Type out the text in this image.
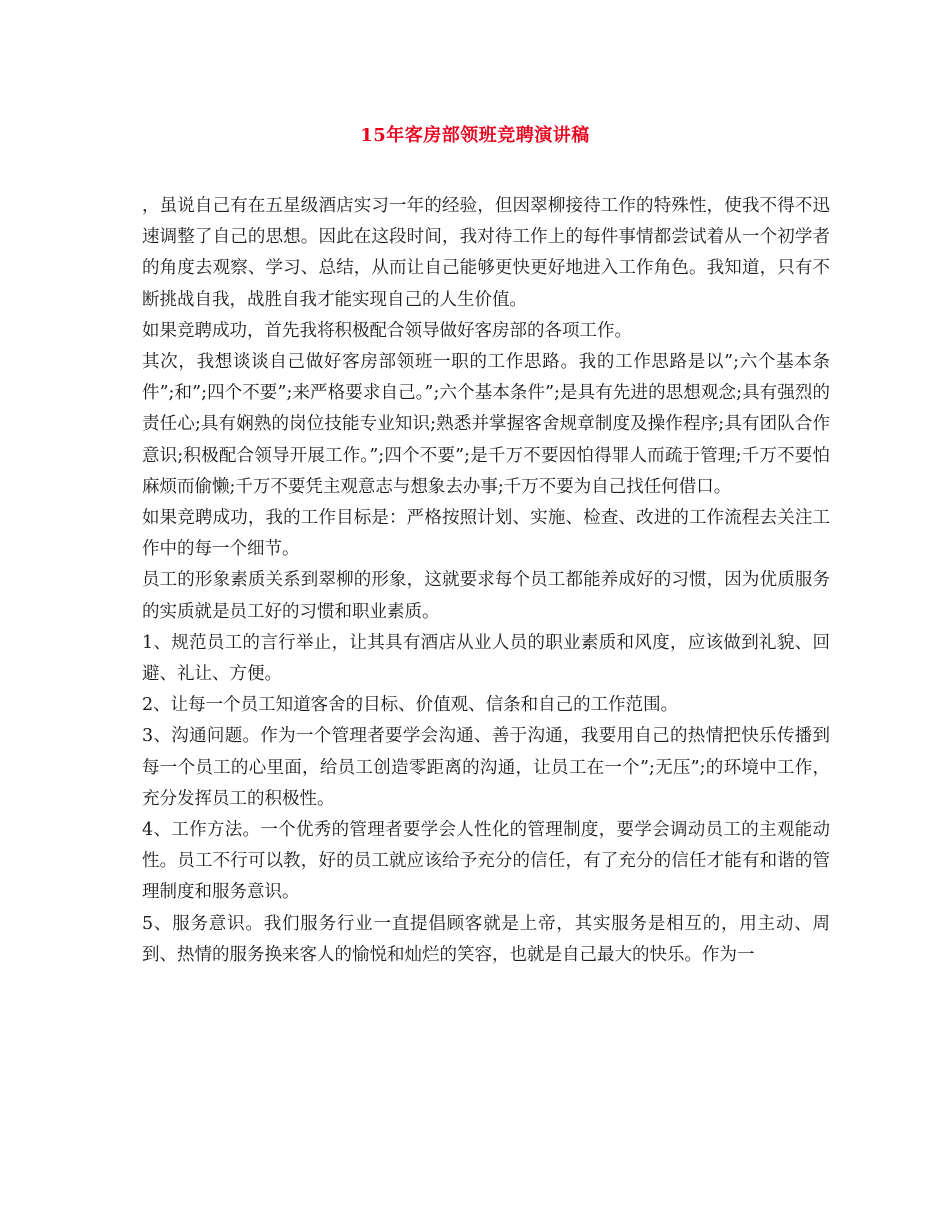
15年客房部领班竞聘演讲稿

，虽说自己有在五星级酒店实习一年的经验，但因翠柳接待工作的特殊性，使我不得不迅速调整了自己的思想。因此在这段时间，我对待工作上的每件事情都尝试着从一个初学者的角度去观察、学习、总结，从而让自己能够更快更好地进入工作角色。我知道，只有不断挑战自我，战胜自我才能实现自己的人生价值。

如果竞聘成功，首先我将积极配合领导做好客房部的各项工作。

其次，我想谈谈自己做好客房部领班一职的工作思路。我的工作思路是以”;六个基本条件”;和”;四个不要”;来严格要求自己。”;六个基本条件”;是具有先进的思想观念;具有强烈的责任心;具有娴熟的岗位技能专业知识;熟悉并掌握客舍规章制度及操作程序;具有团队合作意识;积极配合领导开展工作。”;四个不要”;是千万不要因怕得罪人而疏于管理;千万不要怕麻烦而偷懒;千万不要凭主观意志与想象去办事;千万不要为自己找任何借口。

如果竞聘成功，我的工作目标是：严格按照计划、实施、检查、改进的工作流程去关注工作中的每一个细节。

员工的形象素质关系到翠柳的形象，这就要求每个员工都能养成好的习惯，因为优质服务的实质就是员工好的习惯和职业素质。

1、规范员工的言行举止，让其具有酒店从业人员的职业素质和风度，应该做到礼貌、回避、礼让、方便。

2、让每一个员工知道客舍的目标、价值观、信条和自己的工作范围。

3、沟通问题。作为一个管理者要学会沟通、善于沟通，我要用自己的热情把快乐传播到每一个员工的心里面，给员工创造零距离的沟通，让员工在一个”;无压”;的环境中工作，充分发挥员工的积极性。

4、工作方法。一个优秀的管理者要学会人性化的管理制度，要学会调动员工的主观能动性。员工不行可以教，好的员工就应该给予充分的信任，有了充分的信任才能有和谐的管理制度和服务意识。

5、服务意识。我们服务行业一直提倡顾客就是上帝，其实服务是相互的，用主动、周到、热情的服务换来客人的愉悦和灿烂的笑容，也就是自己最大的快乐。作为一
